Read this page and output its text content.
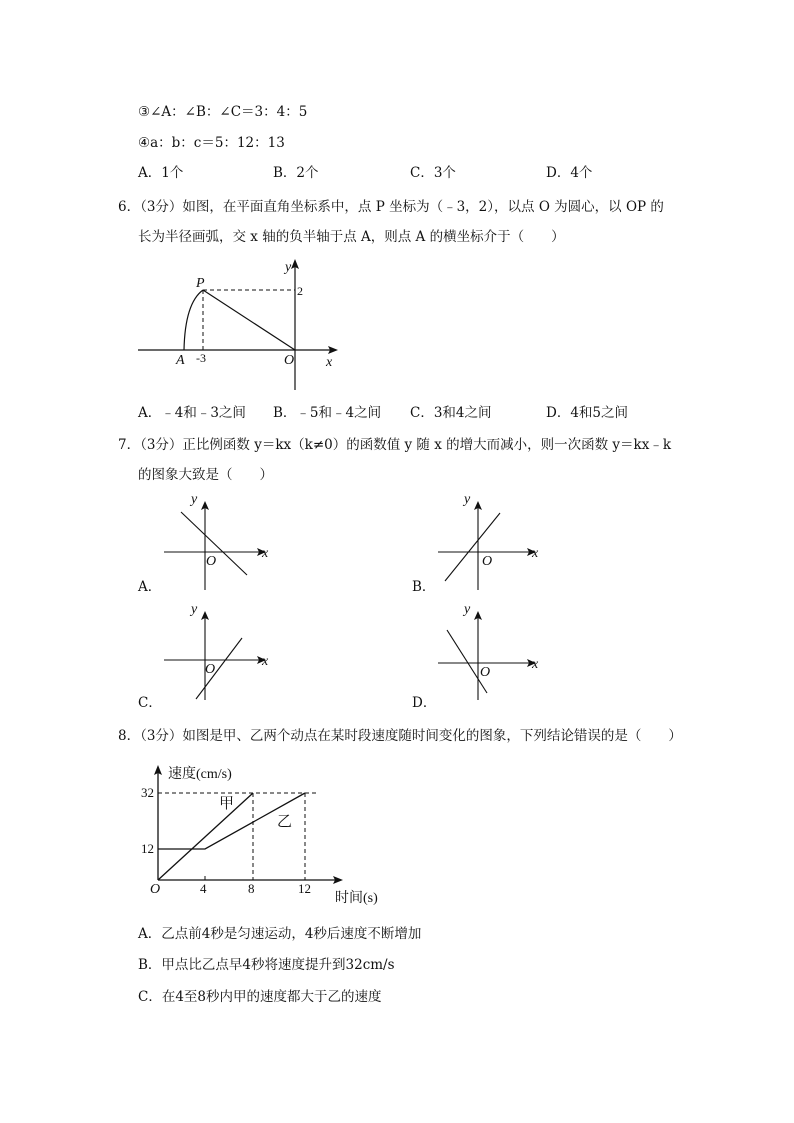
③∠A：∠B：∠C＝3：4：5
④a：b：c＝5：12：13
A．1个	B．2个	C．3个	D．4个
6．（3分）如图，在平面直角坐标系中，点 P 坐标为（﹣3，2），以点 O 为圆心，以 OP 的
长为半径画弧，交 x 轴的负半轴于点 A，则点 A 的横坐标介于（　　）
P
A	O x
y
-3
2
A．﹣4和﹣3之间 B．﹣5和﹣4之间 C．3和4之间	D．4和5之间
7．（3分）正比例函数 y＝kx（k≠0）的函数值 y 随 x 的增大而减小，则一次函数 y＝kx﹣k
的图象大致是（　　）
y
x
O
y
x
O
y
x
O
y
x
O
A．	B．
C．	D．
8．（3分）如图是甲、乙两个动点在某时段速度随时间变化的图象，下列结论错误的是（　　）
速度(cm/s)
时间(s)
O
32
12
4	8	12
甲
乙
A．乙点前4秒是匀速运动，4秒后速度不断增加
B．甲点比乙点早4秒将速度提升到32cm/s
C．在4至8秒内甲的速度都大于乙的速度
